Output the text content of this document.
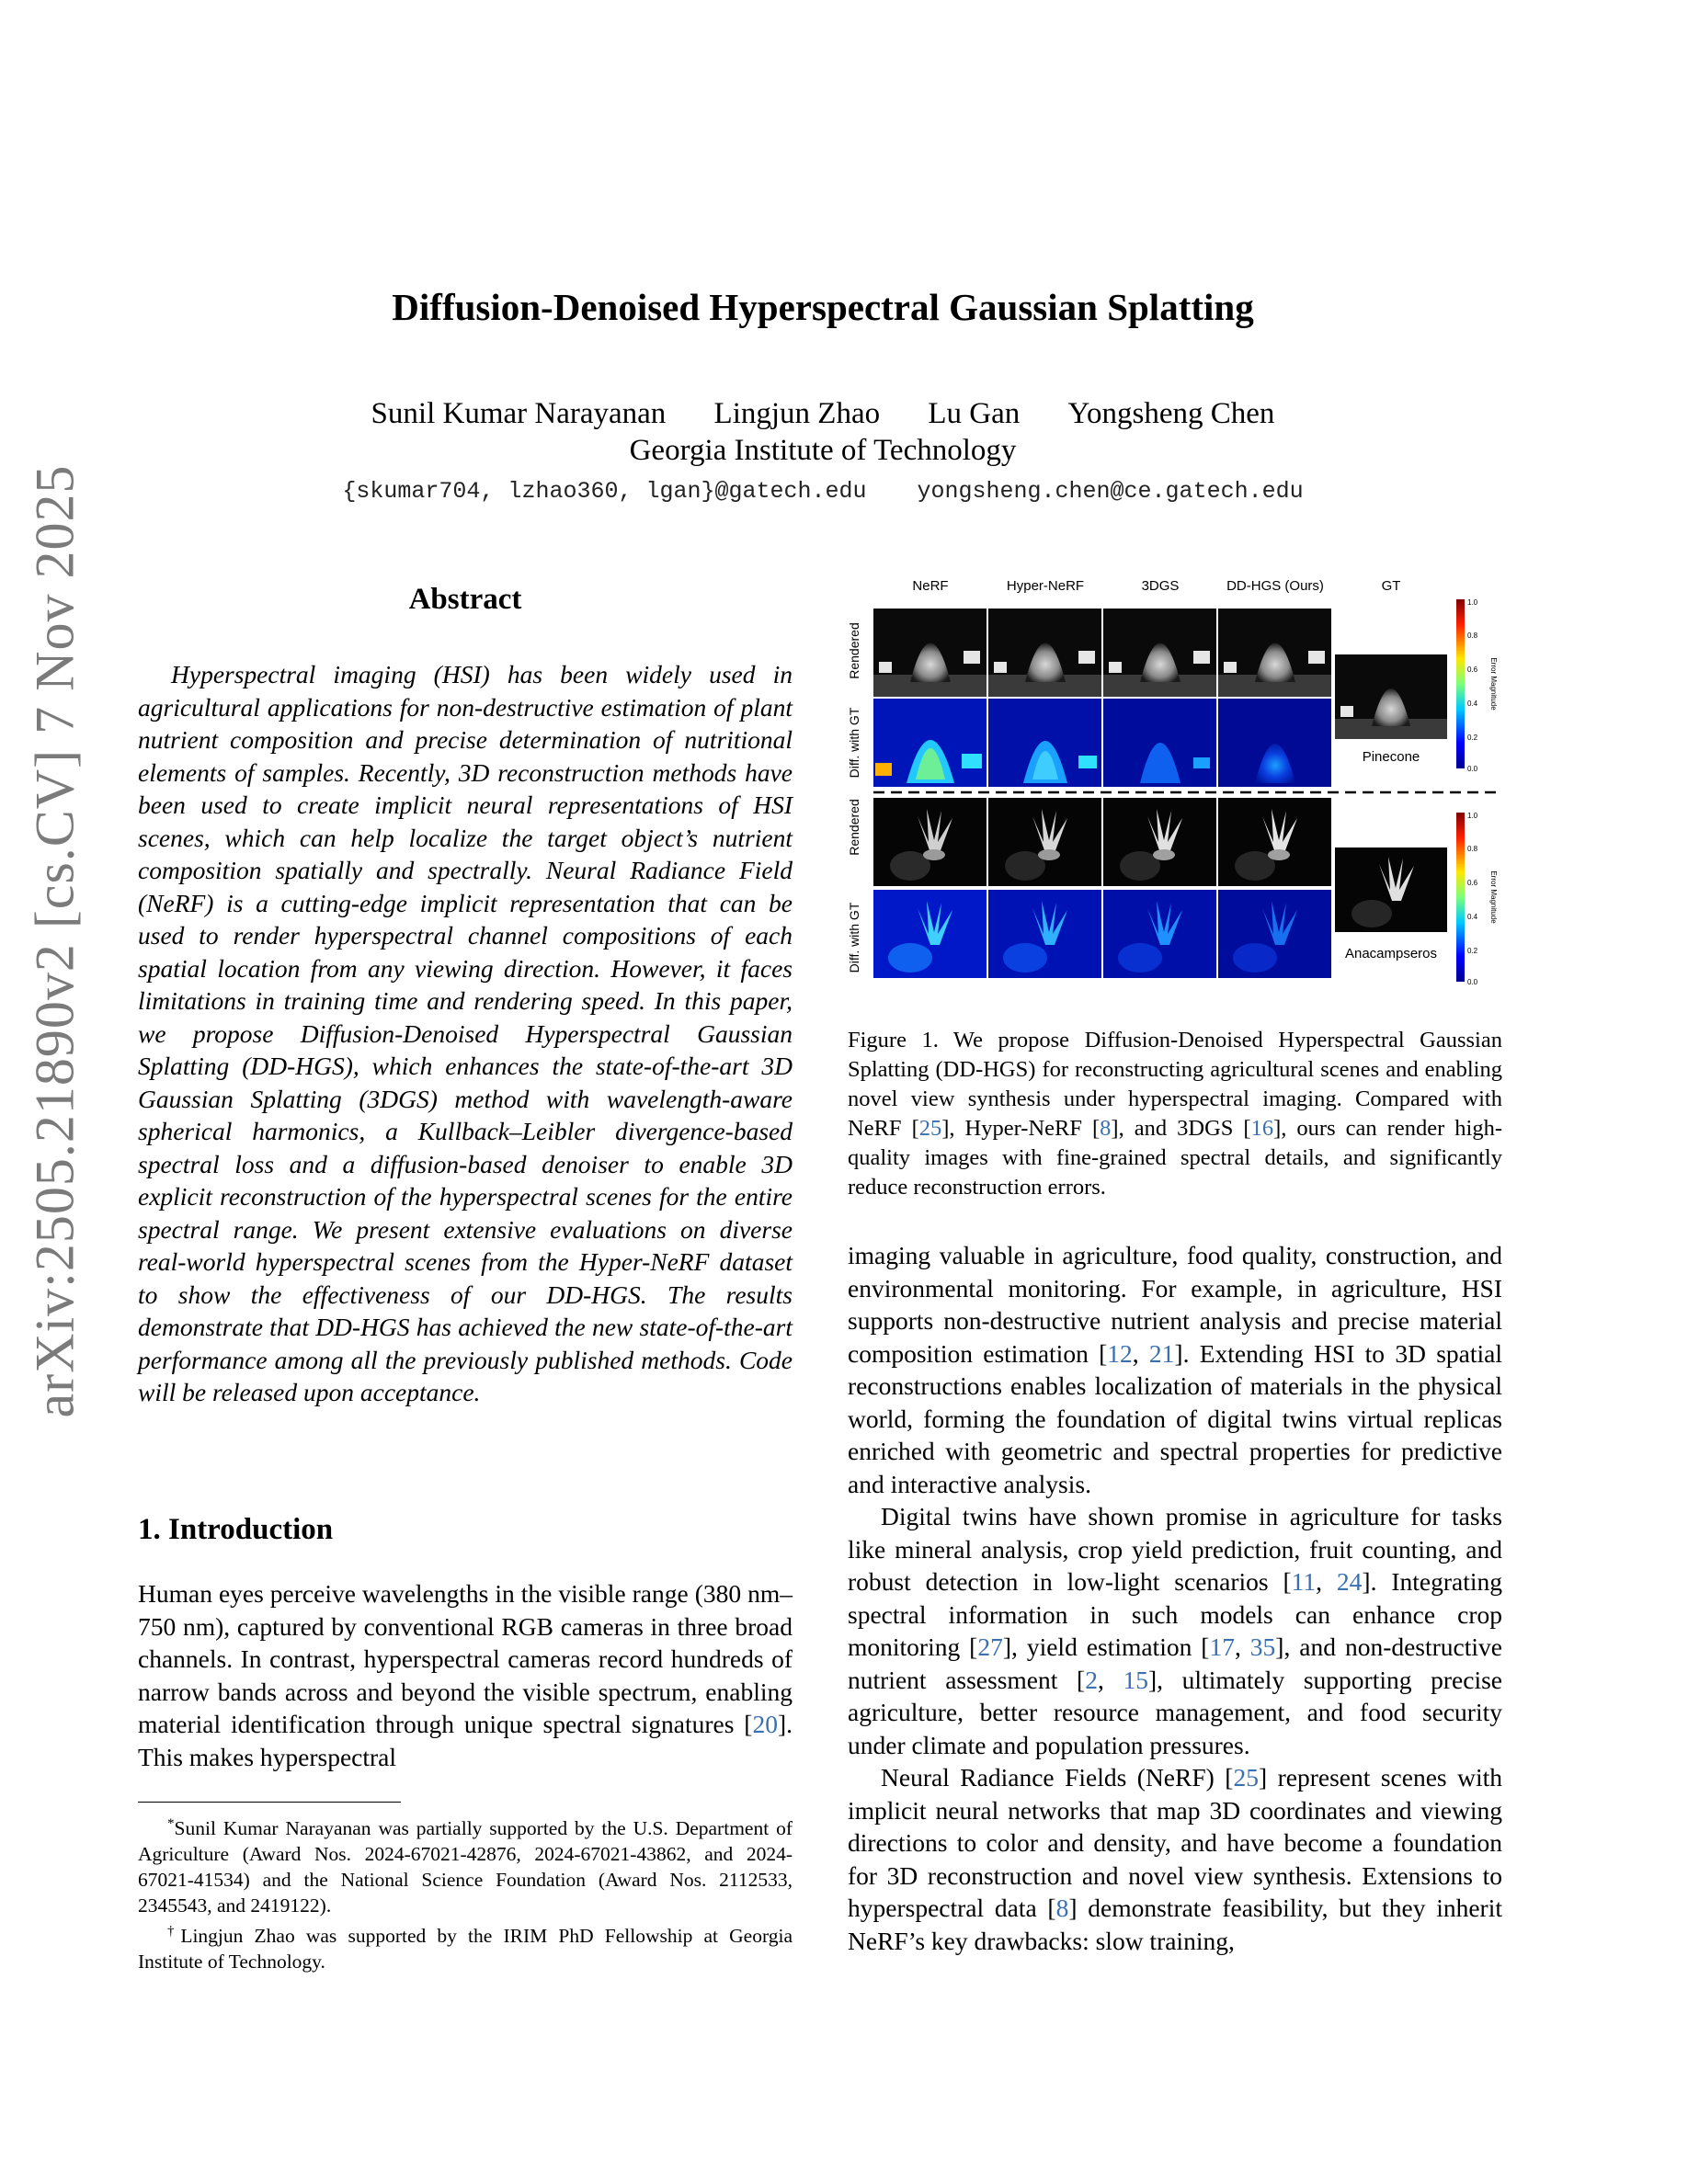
arXiv:2505.21890v2 [cs.CV] 7 Nov 2025
Diffusion-Denoised Hyperspectral Gaussian Splatting
Sunil Kumar Narayanan Lingjun Zhao Lu Gan Yongsheng Chen
Georgia Institute of Technology
{skumar704, lzhao360, lgan}@gatech.edu yongsheng.chen@ce.gatech.edu
Abstract
Hyperspectral imaging (HSI) has been widely used in agricultural applications for non-destructive estimation of plant nutrient composition and precise determination of nutritional elements of samples. Recently, 3D reconstruction methods have been used to create implicit neural representations of HSI scenes, which can help localize the target object’s nutrient composition spatially and spectrally. Neural Radiance Field (NeRF) is a cutting-edge implicit representation that can be used to render hyperspectral channel compositions of each spatial location from any viewing direction. However, it faces limitations in training time and rendering speed. In this paper, we propose Diffusion-Denoised Hyperspectral Gaussian Splatting (DD-HGS), which enhances the state-of-the-art 3D Gaussian Splatting (3DGS) method with wavelength-aware spherical harmonics, a Kullback–Leibler divergence-based spectral loss and a diffusion-based denoiser to enable 3D explicit reconstruction of the hyperspectral scenes for the entire spectral range. We present extensive evaluations on diverse real-world hyperspectral scenes from the Hyper-NeRF dataset to show the effectiveness of our DD-HGS. The results demonstrate that DD-HGS has achieved the new state-of-the-art performance among all the previously published methods. Code will be released upon acceptance.
1. Introduction
Human eyes perceive wavelengths in the visible range (380 nm–750 nm), captured by conventional RGB cameras in three broad channels. In contrast, hyperspectral cameras record hundreds of narrow bands across and beyond the visible spectrum, enabling material identification through unique spectral signatures [20]. This makes hyperspectral

*Sunil Kumar Narayanan was partially supported by the U.S. Department of Agriculture (Award Nos. 2024-67021-42876, 2024-67021-43862, and 2024-67021-41534) and the National Science Foundation (Award Nos. 2112533, 2345543, and 2419122).

†Lingjun Zhao was supported by the IRIM PhD Fellowship at Georgia Institute of Technology.

NeRF	Hyper-NeRF	3DGS	DD-HGS (Ours)	GT
Rendered
Diff. with GT
Rendered
Diff. with GT
Pinecone
1.0
0.8
0.6
0.4
0.2
0.0
Error Magnitude
Anacampseros
1.0
0.8
0.6
0.4
0.2
0.0
Error Magnitude
Figure 1. We propose Diffusion-Denoised Hyperspectral Gaussian Splatting (DD-HGS) for reconstructing agricultural scenes and enabling novel view synthesis under hyperspectral imaging. Compared with NeRF [25], Hyper-NeRF [8], and 3DGS [16], ours can render high-quality images with fine-grained spectral details, and significantly reduce reconstruction errors.

imaging valuable in agriculture, food quality, construction, and environmental monitoring. For example, in agriculture, HSI supports non-destructive nutrient analysis and precise material composition estimation [12, 21]. Extending HSI to 3D spatial reconstructions enables localization of materials in the physical world, forming the foundation of digital twins virtual replicas enriched with geometric and spectral properties for predictive and interactive analysis.

Digital twins have shown promise in agriculture for tasks like mineral analysis, crop yield prediction, fruit counting, and robust detection in low-light scenarios [11, 24]. Integrating spectral information in such models can enhance crop monitoring [27], yield estimation [17, 35], and non-destructive nutrient assessment [2, 15], ultimately supporting precise agriculture, better resource management, and food security under climate and population pressures.

Neural Radiance Fields (NeRF) [25] represent scenes with implicit neural networks that map 3D coordinates and viewing directions to color and density, and have become a foundation for 3D reconstruction and novel view synthesis. Extensions to hyperspectral data [8] demonstrate feasibility, but they inherit NeRF’s key drawbacks: slow training,
